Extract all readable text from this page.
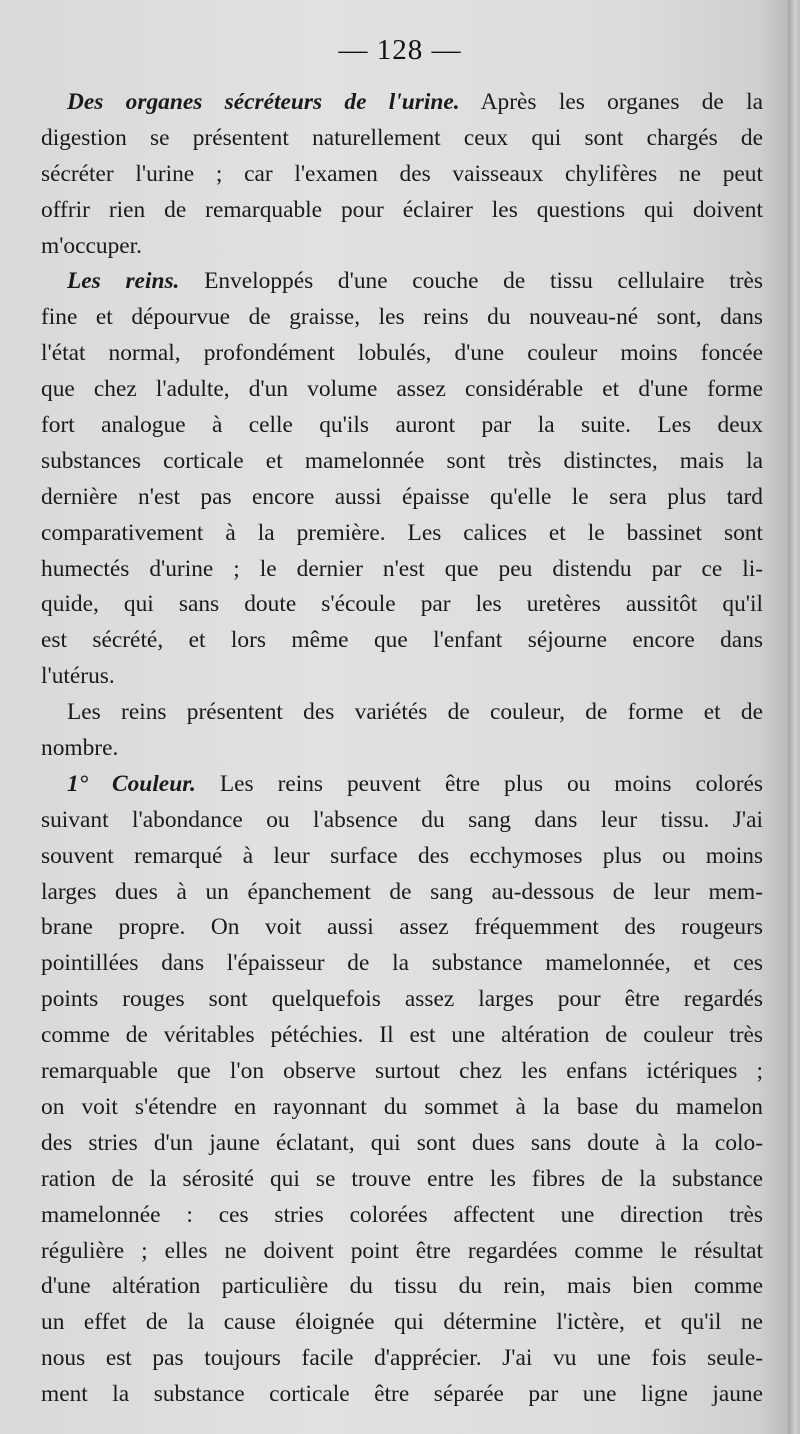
— 128 —
Des organes sécréteurs de l'urine. Après les organes de la
digestion se présentent naturellement ceux qui sont chargés de
sécréter l'urine ; car l'examen des vaisseaux chylifères ne peut
offrir rien de remarquable pour éclairer les questions qui doivent
m'occuper.
Les reins. Enveloppés d'une couche de tissu cellulaire très
fine et dépourvue de graisse, les reins du nouveau-né sont, dans
l'état normal, profondément lobulés, d'une couleur moins foncée
que chez l'adulte, d'un volume assez considérable et d'une forme
fort analogue à celle qu'ils auront par la suite. Les deux
substances corticale et mamelonnée sont très distinctes, mais la
dernière n'est pas encore aussi épaisse qu'elle le sera plus tard
comparativement à la première. Les calices et le bassinet sont
humectés d'urine ; le dernier n'est que peu distendu par ce li-
quide, qui sans doute s'écoule par les uretères aussitôt qu'il
est sécrété, et lors même que l'enfant séjourne encore dans
l'utérus.
Les reins présentent des variétés de couleur, de forme et de
nombre.
1° Couleur. Les reins peuvent être plus ou moins colorés
suivant l'abondance ou l'absence du sang dans leur tissu. J'ai
souvent remarqué à leur surface des ecchymoses plus ou moins
larges dues à un épanchement de sang au-dessous de leur mem-
brane propre. On voit aussi assez fréquemment des rougeurs
pointillées dans l'épaisseur de la substance mamelonnée, et ces
points rouges sont quelquefois assez larges pour être regardés
comme de véritables pétéchies. Il est une altération de couleur très
remarquable que l'on observe surtout chez les enfans ictériques ;
on voit s'étendre en rayonnant du sommet à la base du mamelon
des stries d'un jaune éclatant, qui sont dues sans doute à la colo-
ration de la sérosité qui se trouve entre les fibres de la substance
mamelonnée : ces stries colorées affectent une direction très
régulière ; elles ne doivent point être regardées comme le résultat
d'une altération particulière du tissu du rein, mais bien comme
un effet de la cause éloignée qui détermine l'ictère, et qu'il ne
nous est pas toujours facile d'apprécier. J'ai vu une fois seule-
ment la substance corticale être séparée par une ligne jaune
